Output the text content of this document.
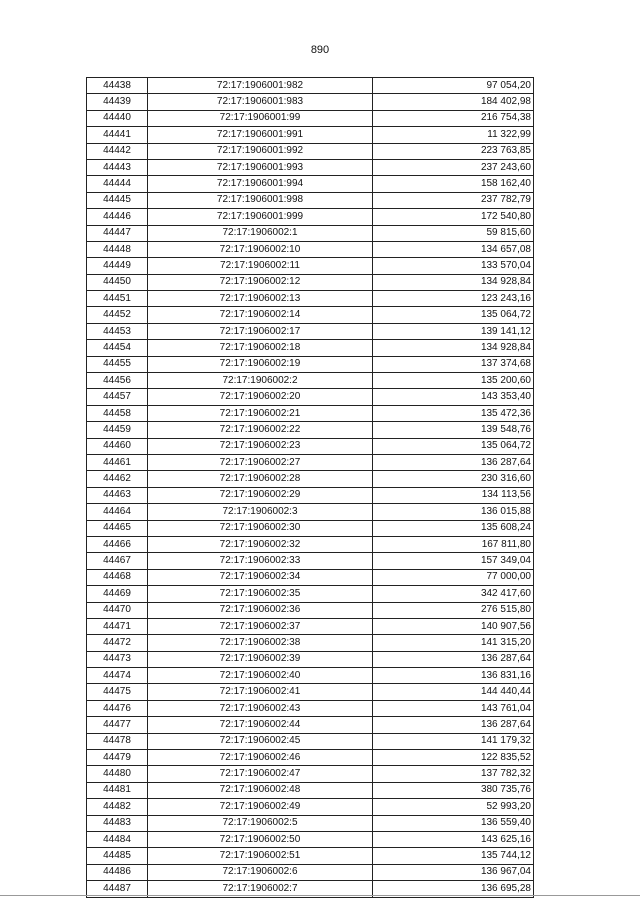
890
44438	72:17:1906001:982	97 054,20
44439	72:17:1906001:983	184 402,98
44440	72:17:1906001:99	216 754,38
44441	72:17:1906001:991	11 322,99
44442	72:17:1906001:992	223 763,85
44443	72:17:1906001:993	237 243,60
44444	72:17:1906001:994	158 162,40
44445	72:17:1906001:998	237 782,79
44446	72:17:1906001:999	172 540,80
44447	72:17:1906002:1	59 815,60
44448	72:17:1906002:10	134 657,08
44449	72:17:1906002:11	133 570,04
44450	72:17:1906002:12	134 928,84
44451	72:17:1906002:13	123 243,16
44452	72:17:1906002:14	135 064,72
44453	72:17:1906002:17	139 141,12
44454	72:17:1906002:18	134 928,84
44455	72:17:1906002:19	137 374,68
44456	72:17:1906002:2	135 200,60
44457	72:17:1906002:20	143 353,40
44458	72:17:1906002:21	135 472,36
44459	72:17:1906002:22	139 548,76
44460	72:17:1906002:23	135 064,72
44461	72:17:1906002:27	136 287,64
44462	72:17:1906002:28	230 316,60
44463	72:17:1906002:29	134 113,56
44464	72:17:1906002:3	136 015,88
44465	72:17:1906002:30	135 608,24
44466	72:17:1906002:32	167 811,80
44467	72:17:1906002:33	157 349,04
44468	72:17:1906002:34	77 000,00
44469	72:17:1906002:35	342 417,60
44470	72:17:1906002:36	276 515,80
44471	72:17:1906002:37	140 907,56
44472	72:17:1906002:38	141 315,20
44473	72:17:1906002:39	136 287,64
44474	72:17:1906002:40	136 831,16
44475	72:17:1906002:41	144 440,44
44476	72:17:1906002:43	143 761,04
44477	72:17:1906002:44	136 287,64
44478	72:17:1906002:45	141 179,32
44479	72:17:1906002:46	122 835,52
44480	72:17:1906002:47	137 782,32
44481	72:17:1906002:48	380 735,76
44482	72:17:1906002:49	52 993,20
44483	72:17:1906002:5	136 559,40
44484	72:17:1906002:50	143 625,16
44485	72:17:1906002:51	135 744,12
44486	72:17:1906002:6	136 967,04
44487	72:17:1906002:7	136 695,28
